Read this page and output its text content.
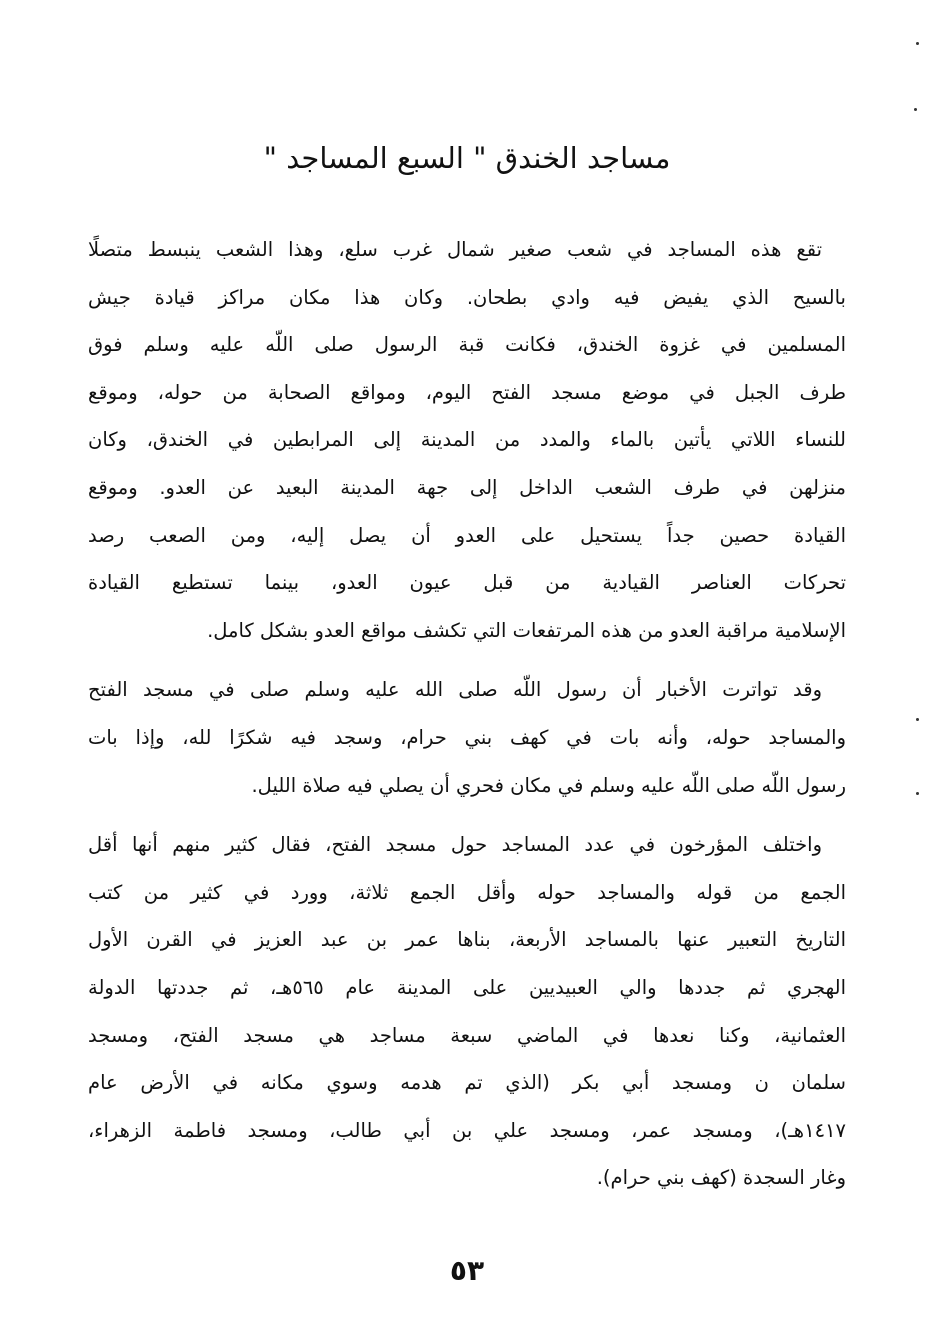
مساجد الخندق " السبع المساجد "
تقع هذه المساجد في شعب صغير شمال غرب سلع، وهذا الشعب ينبسط متصلًا
بالسيح الذي يفيض فيه وادي بطحان. وكان هذا مكان مراكز قيادة جيش
المسلمين في غزوة الخندق، فكانت قبة الرسول صلى اللّه عليه وسلم فوق
طرف الجبل في موضع مسجد الفتح اليوم، ومواقع الصحابة من حوله، وموقع
للنساء اللاتي يأتين بالماء والمدد من المدينة إلى المرابطين في الخندق، وكان
منزلهن في طرف الشعب الداخل إلى جهة المدينة البعيد عن العدو. وموقع
القيادة حصين جداً يستحيل على العدو أن يصل إليه، ومن الصعب رصد
تحركات العناصر القيادية من قبل عيون العدو، بينما تستطيع القيادة
الإسلامية مراقبة العدو من هذه المرتفعات التي تكشف مواقع العدو بشكل كامل.
وقد تواترت الأخبار أن رسول اللّه صلى الله عليه وسلم صلى في مسجد الفتح
والمساجد حوله، وأنه بات في كهف بني حرام، وسجد فيه شكرًا لله، وإذا بات
رسول اللّه صلى اللّه عليه وسلم في مكان فحري أن يصلي فيه صلاة الليل.
واختلف المؤرخون في عدد المساجد حول مسجد الفتح، فقال كثير منهم أنها أقل
الجمع من قوله والمساجد حوله وأقل الجمع ثلاثة، وورد في كثير من كتب
التاريخ التعبير عنها بالمساجد الأربعة، بناها عمر بن عبد العزيز في القرن الأول
الهجري ثم جددها والي العبيديين على المدينة عام ٥٦٥هـ، ثم جددتها الدولة
العثمانية، وكنا نعدها في الماضي سبعة مساجد هي مسجد الفتح، ومسجد
سلمان ن ومسجد أبي بكر (الذي تم هدمه وسوي مكانه في الأرض عام
١٤١٧هـ)، ومسجد عمر، ومسجد علي بن أبي طالب، ومسجد فاطمة الزهراء،
وغار السجدة (كهف بني حرام).
٥٣
